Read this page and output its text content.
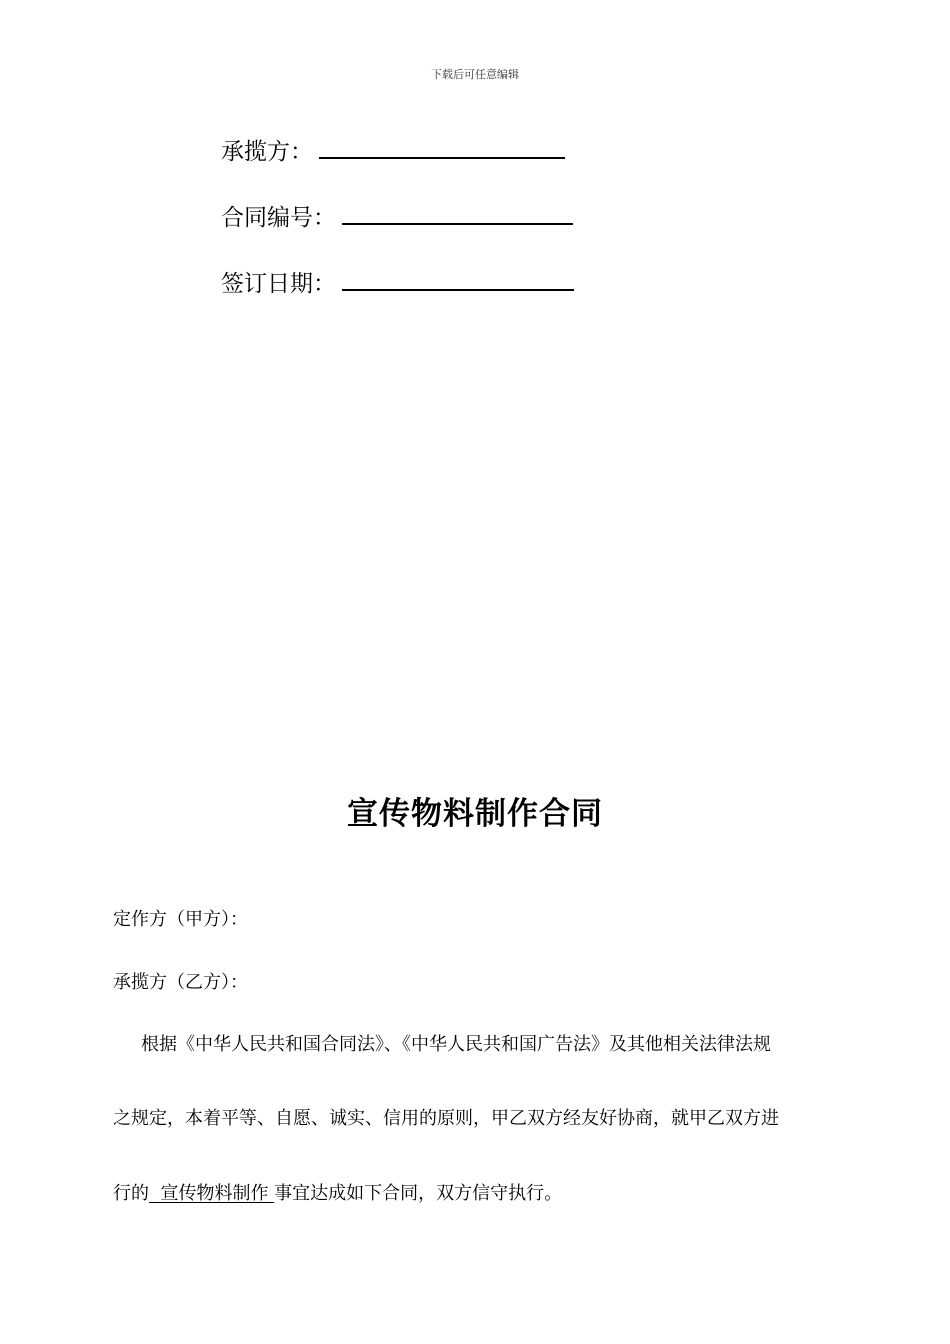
下载后可任意编辑
承揽方：
合同编号：
签订日期：
宣传物料制作合同
定作方（甲方）：
承揽方（乙方）：
根据《中华人民共和国合同法》、《中华人民共和国广告法》及其他相关法律法规
之规定，本着平等、自愿、诚实、信用的原则，甲乙双方经友好协商，就甲乙双方进
行的  宣传物料制作 事宜达成如下合同，双方信守执行。
